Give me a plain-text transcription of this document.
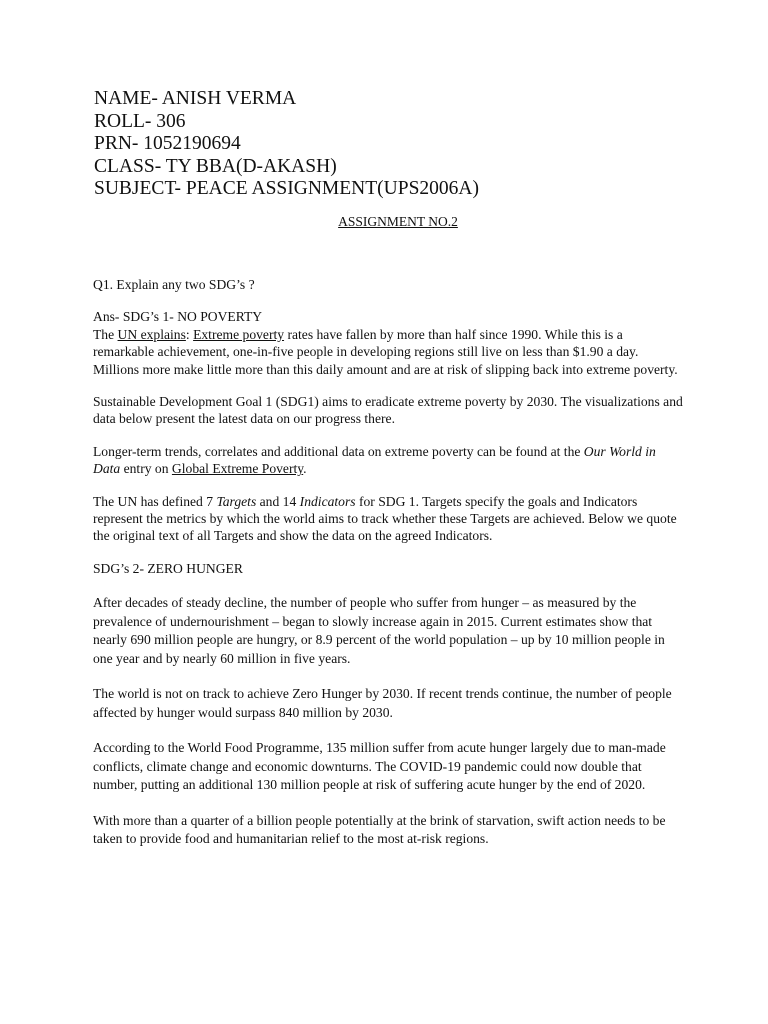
NAME- ANISH VERMA
ROLL- 306
PRN- 1052190694
CLASS- TY BBA(D-AKASH)
SUBJECT- PEACE ASSIGNMENT(UPS2006A)
ASSIGNMENT NO.2

Q1. Explain any two SDG’s ?

Ans- SDG’s 1- NO POVERTY

The UN explains: Extreme poverty rates have fallen by more than half since 1990. While this is a remarkable achievement, one-in-five people in developing regions still live on less than $1.90 a day. Millions more make little more than this daily amount and are at risk of slipping back into extreme poverty.

Sustainable Development Goal 1 (SDG1) aims to eradicate extreme poverty by 2030. The visualizations and data below present the latest data on our progress there.

Longer-term trends, correlates and additional data on extreme poverty can be found at the Our World in Data entry on Global Extreme Poverty.

The UN has defined 7 Targets and 14 Indicators for SDG 1. Targets specify the goals and Indicators represent the metrics by which the world aims to track whether these Targets are achieved. Below we quote the original text of all Targets and show the data on the agreed Indicators.

SDG’s 2- ZERO HUNGER

After decades of steady decline, the number of people who suffer from hunger – as measured by the prevalence of undernourishment – began to slowly increase again in 2015. Current estimates show that nearly 690 million people are hungry, or 8.9 percent of the world population – up by 10 million people in one year and by nearly 60 million in five years.

The world is not on track to achieve Zero Hunger by 2030. If recent trends continue, the number of people affected by hunger would surpass 840 million by 2030.

According to the World Food Programme, 135 million suffer from acute hunger largely due to man-made conflicts, climate change and economic downturns. The COVID-19 pandemic could now double that number, putting an additional 130 million people at risk of suffering acute hunger by the end of 2020.

With more than a quarter of a billion people potentially at the brink of starvation, swift action needs to be taken to provide food and humanitarian relief to the most at-risk regions.
